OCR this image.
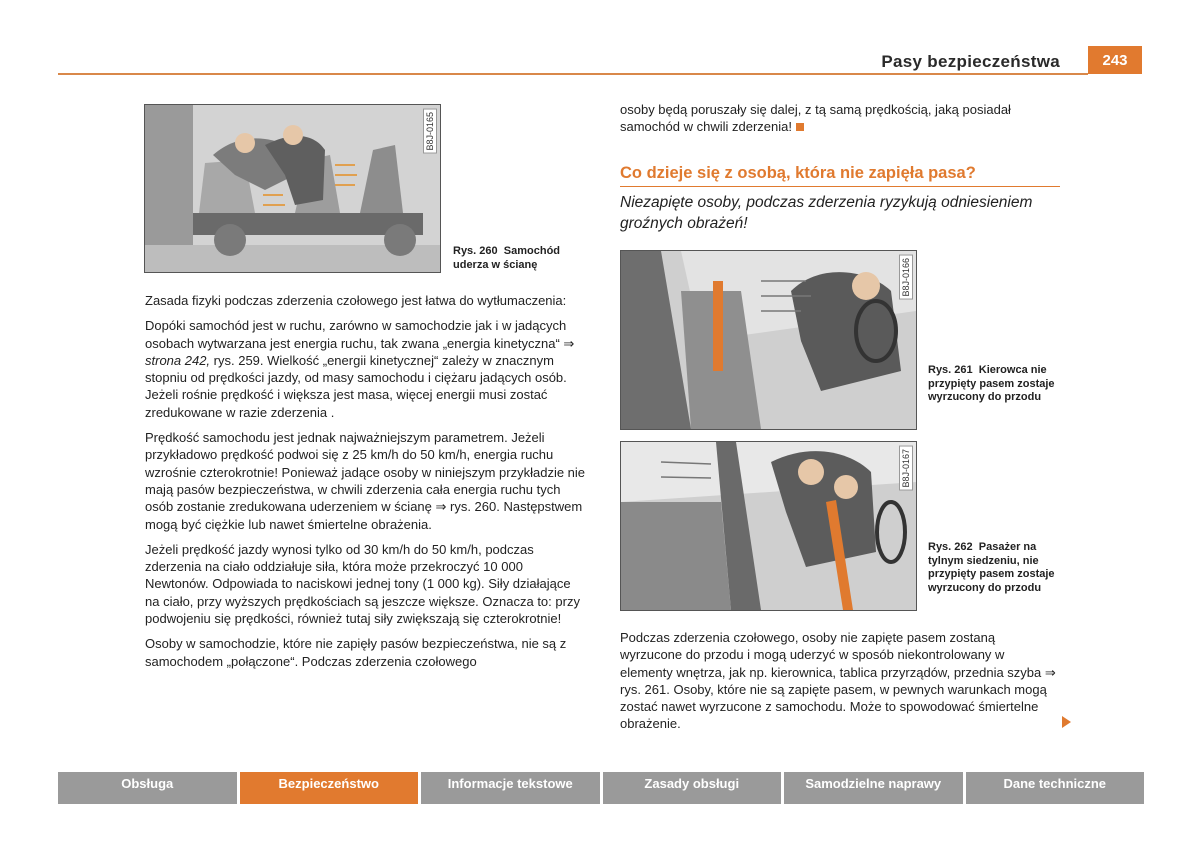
Pasy bezpieczeństwa	243
B8J-0165
Rys. 260 Samochód uderza w ścianę

Zasada fizyki podczas zderzenia czołowego jest łatwa do wytłumaczenia:

Dopóki samochód jest w ruchu, zarówno w samochodzie jak i w jadących osobach wytwarzana jest energia ruchu, tak zwana „energia kinetyczna“ ⇒ strona 242, rys. 259. Wielkość „energii kinetycznej“ zależy w znacznym stopniu od prędkości jazdy, od masy samochodu i ciężaru jadących osób. Jeżeli rośnie prędkość i większa jest masa, więcej energii musi zostać zredukowane w razie zderzenia .

Prędkość samochodu jest jednak najważniejszym parametrem. Jeżeli przykładowo prędkość podwoi się z 25 km/h do 50 km/h, energia ruchu wzrośnie czterokrotnie! Ponieważ jadące osoby w niniejszym przykładzie nie mają pasów bezpieczeństwa, w chwili zderzenia cała energia ruchu tych osób zostanie zredukowana uderzeniem w ścianę ⇒ rys. 260. Następstwem mogą być ciężkie lub nawet śmiertelne obrażenia.

Jeżeli prędkość jazdy wynosi tylko od 30 km/h do 50 km/h, podczas zderzenia na ciało oddziałuje siła, która może przekroczyć 10 000 Newtonów. Odpowiada to naciskowi jednej tony (1 000 kg). Siły działające na ciało, przy wyższych prędkościach są jeszcze większe. Oznacza to: przy podwojeniu się prędkości, również tutaj siły zwiększają się czterokrotnie!

Osoby w samochodzie, które nie zapięły pasów bezpieczeństwa, nie są z samochodem „połączone“. Podczas zderzenia czołowego

osoby będą poruszały się dalej, z tą samą prędkością, jaką posiadał samochód w chwili zderzenia!
Co dzieje się z osobą, która nie zapięła pasa?
Niezapięte osoby, podczas zderzenia ryzykują odniesieniem groźnych obrażeń!
B8J-0166
Rys. 261 Kierowca nie przypięty pasem zostaje wyrzucony do przodu
B8J-0167
Rys. 262 Pasażer na tylnym siedzeniu, nie przypięty pasem zostaje wyrzucony do przodu

Podczas zderzenia czołowego, osoby nie zapięte pasem zostaną wyrzucone do przodu i mogą uderzyć w sposób niekontrolowany w elementy wnętrza, jak np. kierownica, tablica przyrządów, przednia szyba ⇒ rys. 261. Osoby, które nie są zapięte pasem, w pewnych warunkach mogą zostać nawet wyrzucone z samochodu. Może to spowodować śmiertelne obrażenie.

Obsługa	Bezpieczeństwo	Informacje tekstowe	Zasady obsługi	Samodzielne naprawy	Dane techniczne
